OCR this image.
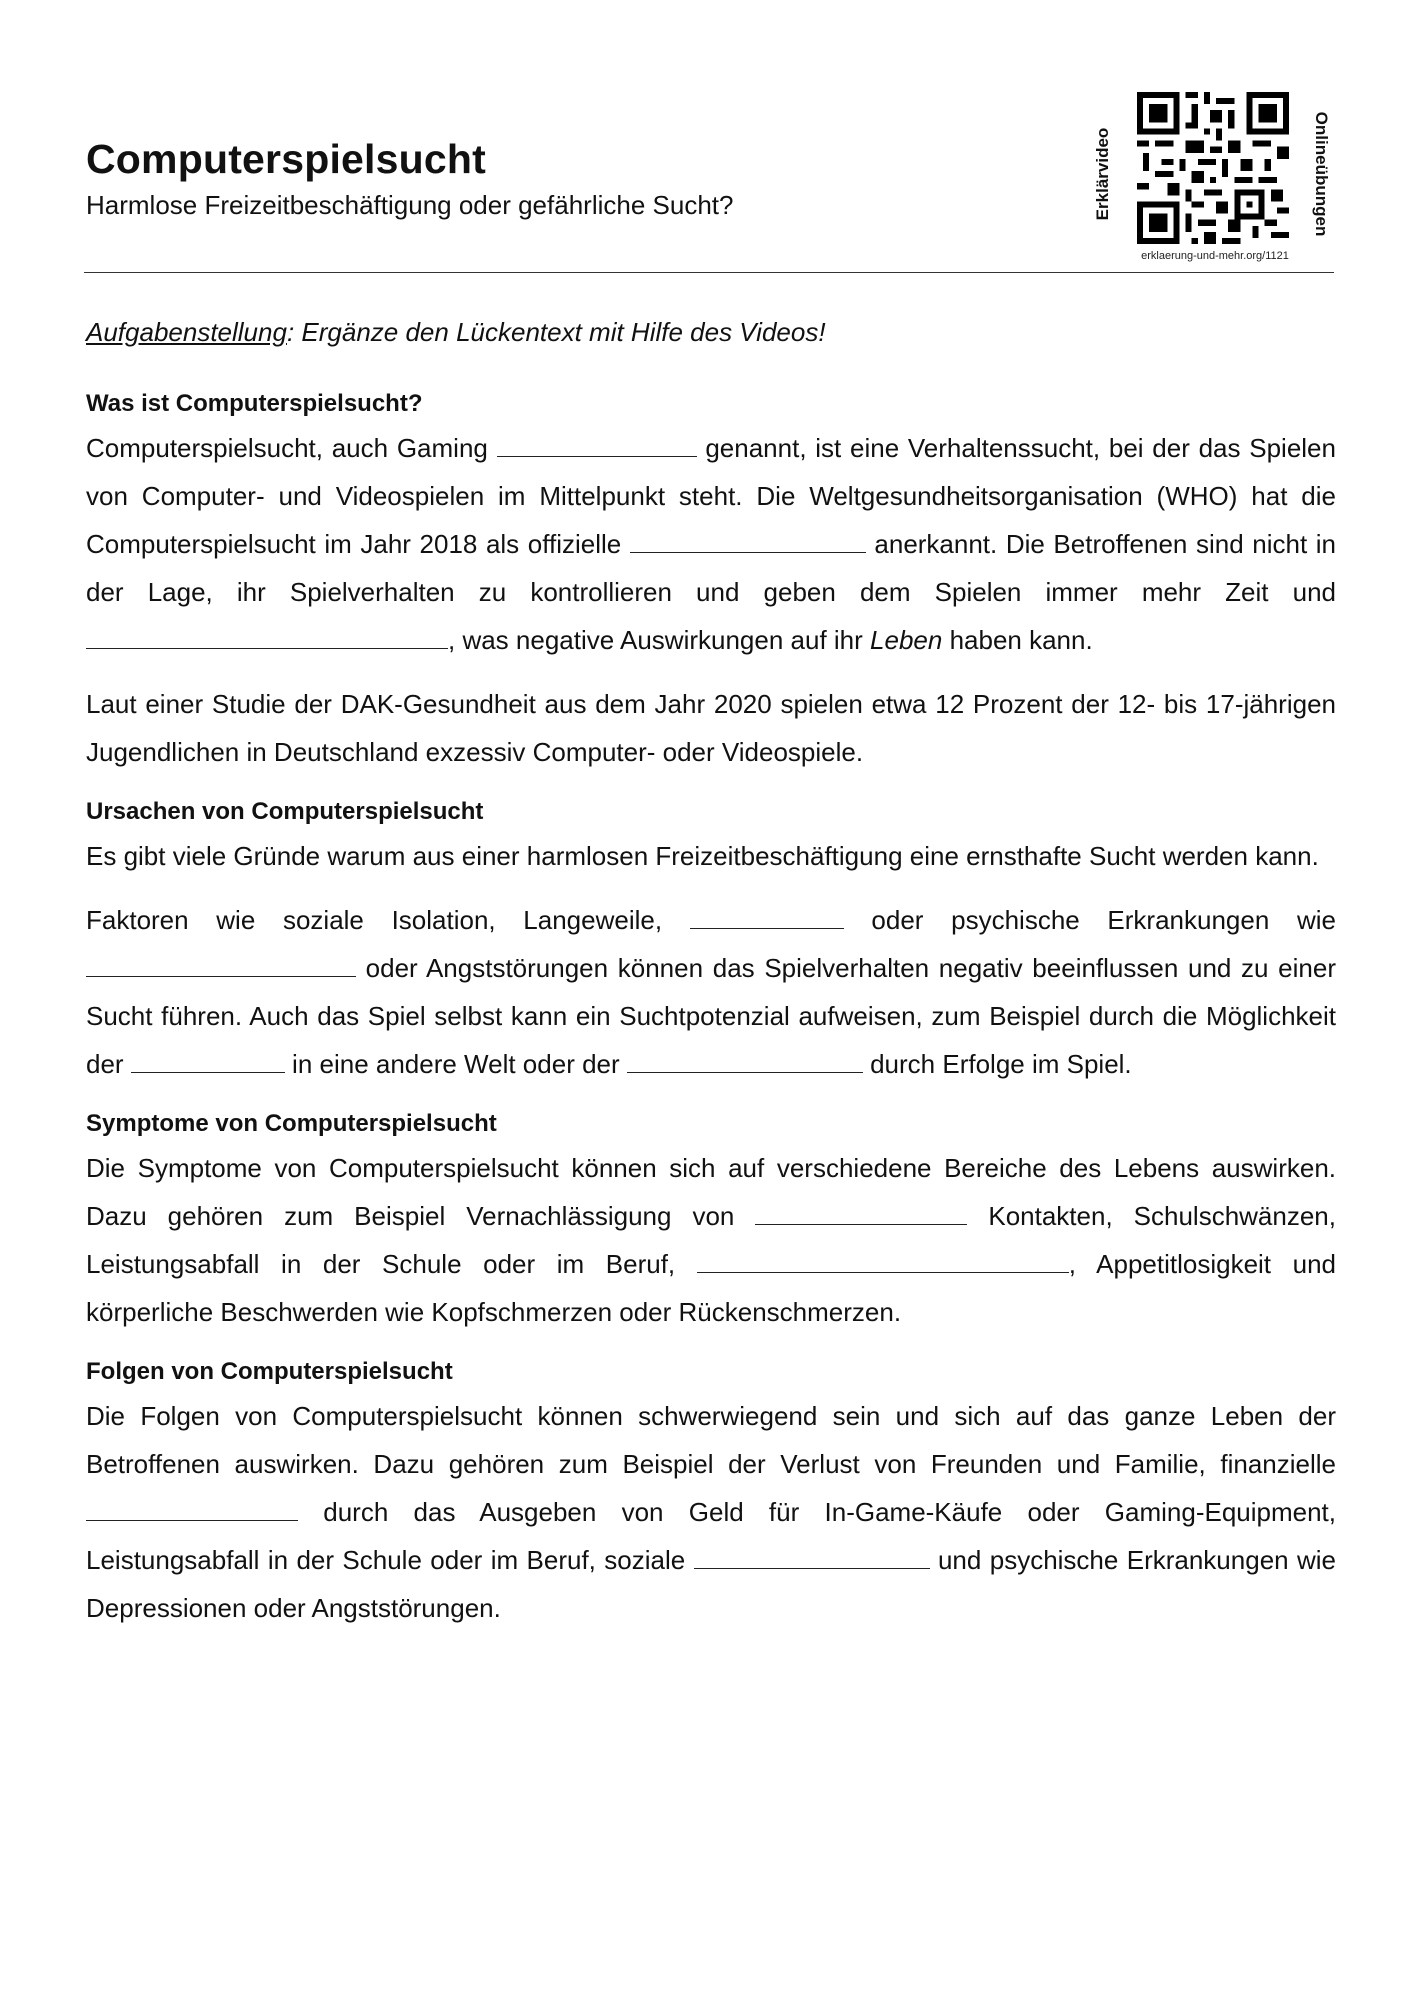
Computerspielsucht
Harmlose Freizeitbeschäftigung oder gefährliche Sucht?	Erklärvideo
erklaerung-und-mehr.org/1121
Onlineübungen

Aufgabenstellung: Ergänze den Lückentext mit Hilfe des Videos!

Was ist Computerspielsucht?

Computerspielsucht, auch Gaming	genannt, ist eine Verhaltenssucht, bei der das Spielen von Computer- und Videospielen im Mittelpunkt steht. Die Weltgesundheitsorganisation (WHO) hat die Computerspielsucht im Jahr 2018 als offizielle	anerkannt. Die Betroffenen sind nicht in der Lage, ihr Spielverhalten zu kontrollieren und geben dem Spielen immer mehr Zeit und , was negative Auswirkungen auf ihr Leben haben kann.

Laut einer Studie der DAK-Gesundheit aus dem Jahr 2020 spielen etwa 12 Prozent der 12- bis 17-jährigen Jugendlichen in Deutschland exzessiv Computer- oder Videospiele.

Ursachen von Computerspielsucht

Es gibt viele Gründe warum aus einer harmlosen Freizeitbeschäftigung eine ernsthafte Sucht werden kann.

Faktoren wie soziale Isolation, Langeweile,	oder psychische Erkrankungen wie  oder Angststörungen können das Spielverhalten negativ beeinflussen und zu einer Sucht führen. Auch das Spiel selbst kann ein Suchtpotenzial aufweisen, zum Beispiel durch die Möglichkeit der	in eine andere Welt oder der	durch Erfolge im Spiel.

Symptome von Computerspielsucht

Die Symptome von Computerspielsucht können sich auf verschiedene Bereiche des Lebens auswirken. Dazu gehören zum Beispiel Vernachlässigung von	Kontakten, Schulschwänzen, Leistungsabfall in der Schule oder im Beruf,	, Appetitlosigkeit und körperliche Beschwerden wie Kopfschmerzen oder Rückenschmerzen.

Folgen von Computerspielsucht

Die Folgen von Computerspielsucht können schwerwiegend sein und sich auf das ganze Leben der Betroffenen auswirken. Dazu gehören zum Beispiel der Verlust von Freunden und Familie, finanzielle  durch das Ausgeben von Geld für In-Game-Käufe oder Gaming-Equipment, Leistungsabfall in der Schule oder im Beruf, soziale	und psychische Erkrankungen wie Depressionen oder Angststörungen.
